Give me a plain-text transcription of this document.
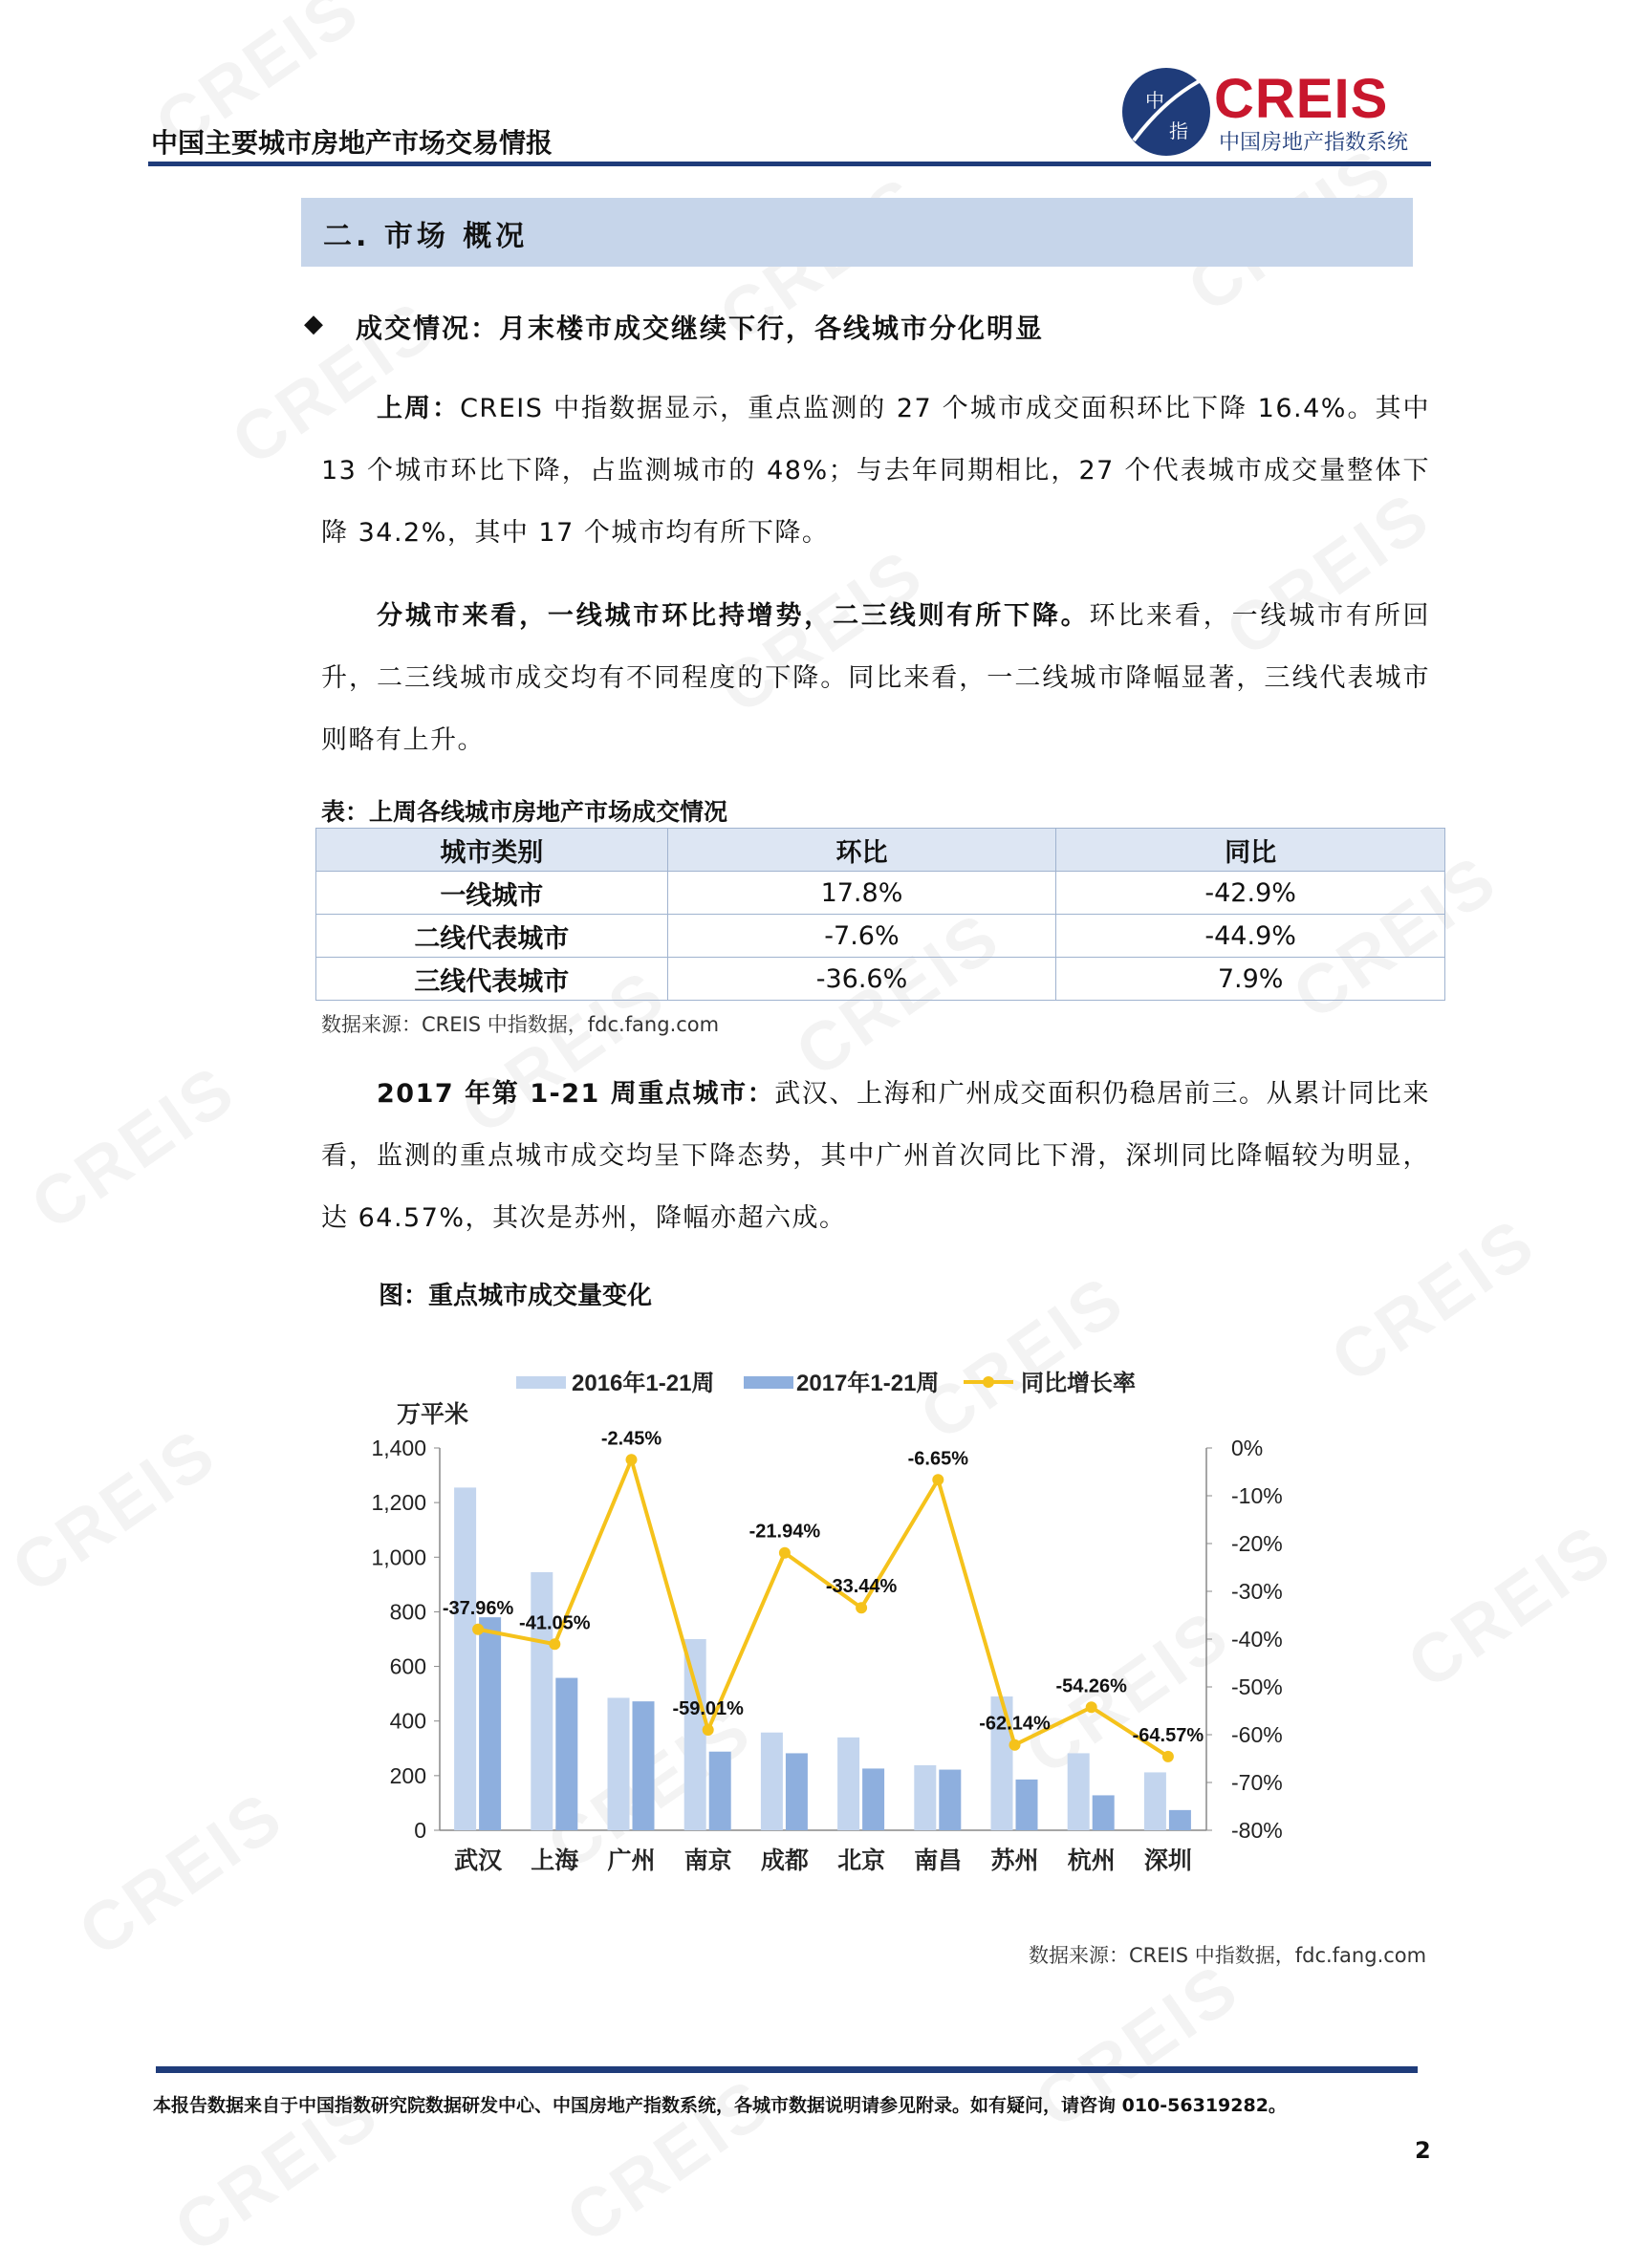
中国主要城市房地产市场交易情报
中
指
CREIS
中国房地产指数系统
二. 市场 概况
◆ 成交情况：月末楼市成交继续下行，各线城市分化明显

上周：CREIS 中指数据显示，重点监测的 27 个城市成交面积环比下降 16.4%。其中 13 个城市环比下降，占监测城市的 48%；与去年同期相比，27 个代表城市成交量整体下降 34.2%，其中 17 个城市均有所下降。

分城市来看，一线城市环比持增势，二三线则有所下降。环比来看，一线城市有所回升，二三线城市成交均有不同程度的下降。同比来看，一二线城市降幅显著，三线代表城市则略有上升。

表：上周各线城市房地产市场成交情况
城市类别	环比	同比
一线城市	17.8%	-42.9%
二线代表城市	-7.6%	-44.9%
三线代表城市	-36.6%	7.9%
数据来源：CREIS 中指数据，fdc.fang.com

2017 年第 1-21 周重点城市：武汉、上海和广州成交面积仍稳居前三。从累计同比来看，监测的重点城市成交均呈下降态势，其中广州首次同比下滑，深圳同比降幅较为明显，达 64.57%，其次是苏州，降幅亦超六成。

图：重点城市成交量变化
1,400
1,200
1,000
800
600
400
200
0
0%
-10%
-20%
-30%
-40%
-50%
-60%
-70%
-80%
万平米
武汉 上海 广州 南京 成都 北京 南昌 苏州 杭州 深圳
-37.96%
-41.05%
-2.45%
-59.01%
-21.94%
-33.44%
-6.65%
-62.14%
-54.26%
-64.57%
2016年1-21周	2017年1-21周	同比增长率
数据来源：CREIS 中指数据，fdc.fang.com
本报告数据来自于中国指数研究院数据研发中心、中国房地产指数系统，各城市数据说明请参见附录。如有疑问，请咨询 010-56319282。
2
